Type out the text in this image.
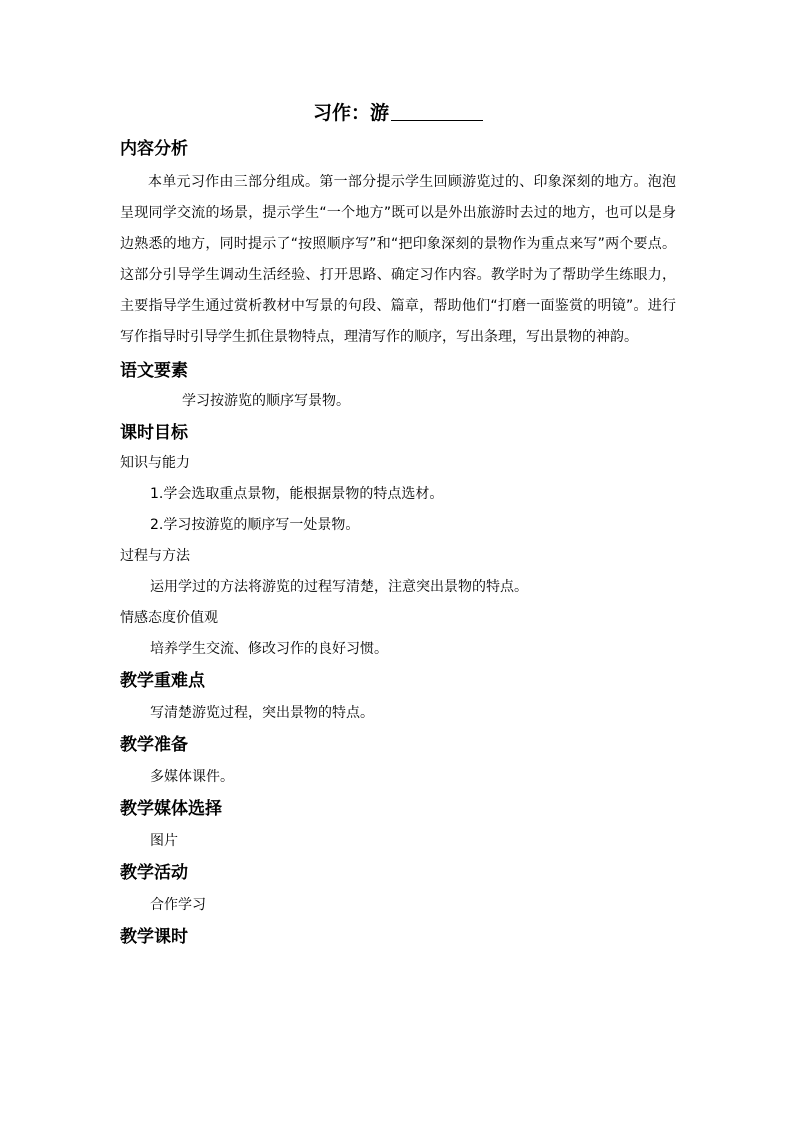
习作：游
内容分析

本单元习作由三部分组成。第一部分提示学生回顾游览过的、印象深刻的地方。泡泡呈现同学交流的场景，提示学生“一个地方”既可以是外出旅游时去过的地方，也可以是身边熟悉的地方，同时提示了“按照顺序写”和“把印象深刻的景物作为重点来写”两个要点。这部分引导学生调动生活经验、打开思路、确定习作内容。教学时为了帮助学生练眼力，主要指导学生通过赏析教材中写景的句段、篇章，帮助他们“打磨一面鉴赏的明镜”。进行写作指导时引导学生抓住景物特点，理清写作的顺序，写出条理，写出景物的神韵。

语文要素

学习按游览的顺序写景物。

课时目标
知识与能力

1.学会选取重点景物，能根据景物的特点选材。

2.学习按游览的顺序写一处景物。

过程与方法

运用学过的方法将游览的过程写清楚，注意突出景物的特点。

情感态度价值观

培养学生交流、修改习作的良好习惯。

教学重难点

写清楚游览过程，突出景物的特点。

教学准备

多媒体课件。

教学媒体选择

图片

教学活动

合作学习

教学课时
